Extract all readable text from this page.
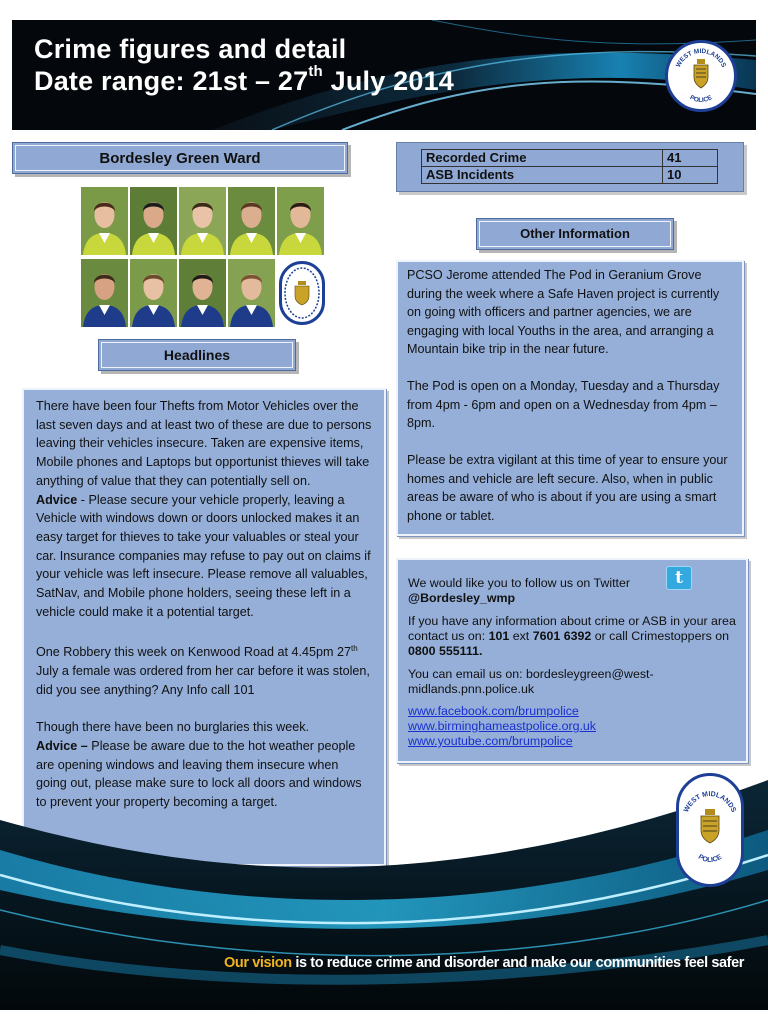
Crime figures and detail
Date range: 21st – 27th July 2014
WEST MIDLANDS
POLICE
Bordesley Green Ward
Headlines

There have been four Thefts from Motor Vehicles over the last seven days and at least two of these are due to persons leaving their vehicles insecure. Taken are expensive items, Mobile phones and Laptops but opportunist thieves will take anything of value that they can potentially sell on.
Advice - Please secure your vehicle properly, leaving a Vehicle with windows down or doors unlocked makes it an easy target for thieves to take your valuables or steal your car. Insurance companies may refuse to pay out on claims if your vehicle was left insecure. Please remove all valuables, SatNav, and Mobile phone holders, seeing these left in a vehicle could make it a potential target.

One Robbery this week on Kenwood Road at 4.45pm 27th July a female was ordered from her car before it was stolen, did you see anything? Any Info call 101

Though there have been no burglaries this week.
Advice – Please be aware due to the hot weather people are opening windows and leaving them insecure when going out, please make sure to lock all doors and windows to prevent your property becoming a target.

Recorded Crime	41
ASB Incidents	10
Other Information

PCSO Jerome attended The Pod in Geranium Grove during the week where a Safe Haven project is currently on going with officers and partner agencies, we are engaging with local Youths in the area, and arranging a Mountain bike trip in the near future.

The Pod is open on a Monday, Tuesday and a Thursday from 4pm - 6pm and open on a Wednesday from 4pm – 8pm.

Please be extra vigilant at this time of year to ensure your homes and vehicle are left secure. Also, when in public areas be aware of who is about if you are using a smart phone or tablet.

t

We would like you to follow us on Twitter
@Bordesley_wmp

If you have any information about crime or ASB in your area contact us on: 101 ext 7601 6392 or call Crimestoppers on 0800 555111.

You can email us on: bordesleygreen@west-midlands.pnn.police.uk

www.facebook.com/brumpolice
www.birminghameastpolice.org.uk
www.youtube.com/brumpolice
WEST MIDLANDS
POLICE
Our vision is to reduce crime and disorder and make our communities feel safer
